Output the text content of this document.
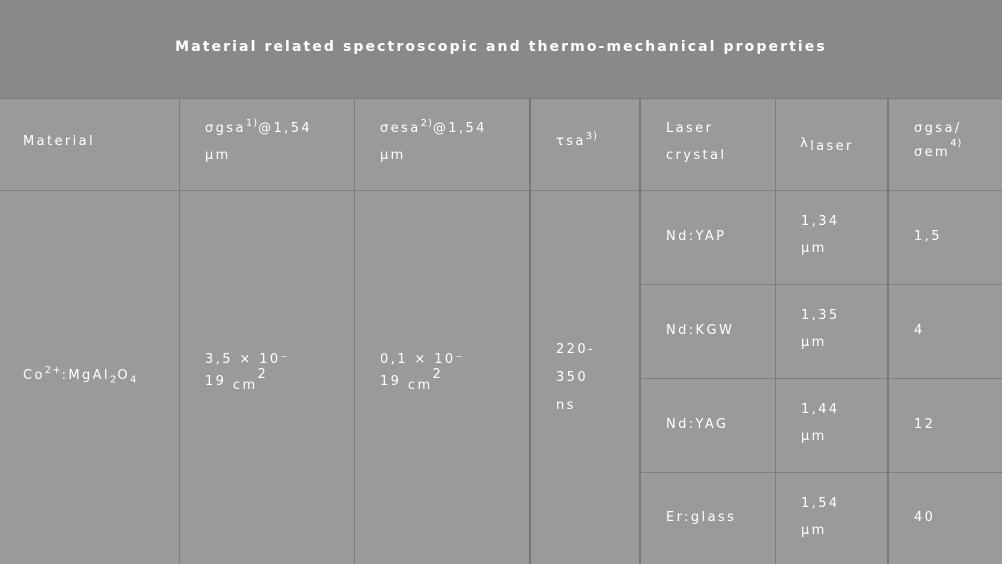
Material related spectroscopic and thermo-mechanical properties
Material
σgsa$^{1)}$@1,54
μm
σesa$^{2)}$@1,54
μm
τsa$^{3)}$
Laser
crystal
λlaser
σgsa/
σem$^{4)}$
$Co^{2+}:MgAl_2O_4$
3,5 × 10⁻
19 $cm^2$
0,1 × 10⁻
19 $cm^2$
220-
350
ns
Nd:YAP
1,34
μm
1,5
Nd:KGW
1,35
μm
4
Nd:YAG
1,44
μm
12
Er:glass
1,54
μm
40
